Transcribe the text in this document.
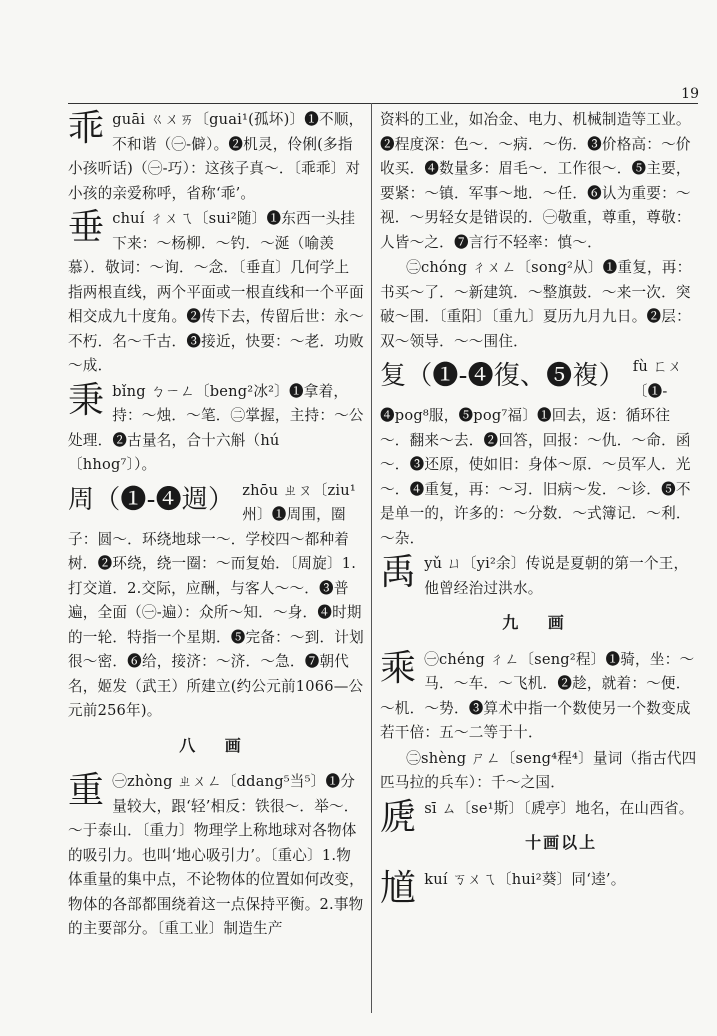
19
乖 guāi ㄍㄨㄞ〔guai¹(孤坏)〕❶不顺，不和谐（㊀-僻）。❷机灵，伶俐(多指小孩听话)（㊀-巧）：这孩子真～．〔乖乖〕对小孩的亲爱称呼，省称‘乖’。
垂 chuí ㄔㄨㄟ〔sui²随〕❶东西一头挂下来：～杨柳．～钓．～涎（喻羡慕）．敬词：～询．～念．〔垂直〕几何学上指两根直线，两个平面或一根直线和一个平面相交成九十度角。❷传下去，传留后世：永～不朽．名～千古．❸接近，快要：～老．功败～成．
秉 bǐng ㄅㄧㄥ〔beng²冰²〕❶拿着，持：～烛．～笔．㊁掌握，主持：～公处理．❷古量名，合十六斛（hú〔hhog⁷〕）。
周（❶-❹週） zhōu ㄓㄡ〔ziu¹州〕❶周围，圈子：圆～．环绕地球一～．学校四～都种着树．❷环绕，绕一圈：～而复始．〔周旋〕1.打交道．2.交际，应酬，与客人～～．❸普遍，全面（㊀-遍）：众所～知．～身．❹时期的一轮．特指一个星期．❺完备：～到．计划很～密．❻给，接济：～济．～急．❼朝代名，姬发（武王）所建立(约公元前1066—公元前256年)。
八 画
重 ㊀zhòng ㄓㄨㄥ〔ddang⁵当⁵〕❶分量较大，跟‘轻’相反：铁很～．举～．～于泰山．〔重力〕物理学上称地球对各物体的吸引力。也叫‘地心吸引力’。〔重心〕1.物体重量的集中点，不论物体的位置如何改变，物体的各部都围绕着这一点保持平衡。2.事物的主要部分。〔重工业〕制造生产
资料的工业，如冶金、电力、机械制造等工业。❷程度深：色～．～病．～伤．❸价格高：～价收买．❹数量多：眉毛～．工作很～．❺主要，要紧：～镇．军事～地．～任．❻认为重要：～视．～男轻女是错误的．㊀敬重，尊重，尊敬：人皆～之．❼言行不轻率：慎～．
㊁chóng ㄔㄨㄥ〔song²从〕❶重复，再：书买～了．～新建筑．～整旗鼓．～来一次．突破～围．〔重阳〕〔重九〕夏历九月九日。❷层：双～领导．～～围住．
复（❶-❹復、❺複） fù ㄈㄨ〔❶-❹pog⁸服，❺pog⁷福〕❶回去，返：循环往～．翻来～去．❷回答，回报：～仇．～命．函～．❸还原，使如旧：身体～原．～员军人．光～．❹重复，再：～习．旧病～发．～诊．❺不是单一的，许多的：～分数．～式簿记．～利．～杂．
禹 yǔ ㄩ〔yi²余〕传说是夏朝的第一个王，他曾经治过洪水。
九 画
乘 ㊀chéng ㄔㄥ〔seng²程〕❶骑，坐：～马．～车．～飞机．❷趁，就着：～便．～机．～势．❸算术中指一个数使另一个数变成若干倍：五～二等于十．
㊁shèng ㄕㄥ〔seng⁴程⁴〕量词（指古代四匹马拉的兵车）：千～之国．
虒 sī ㄙ〔se¹斯〕〔虒亭〕地名，在山西省。
十画以上
馗 kuí ㄎㄨㄟ〔hui²葵〕同‘逵’。
